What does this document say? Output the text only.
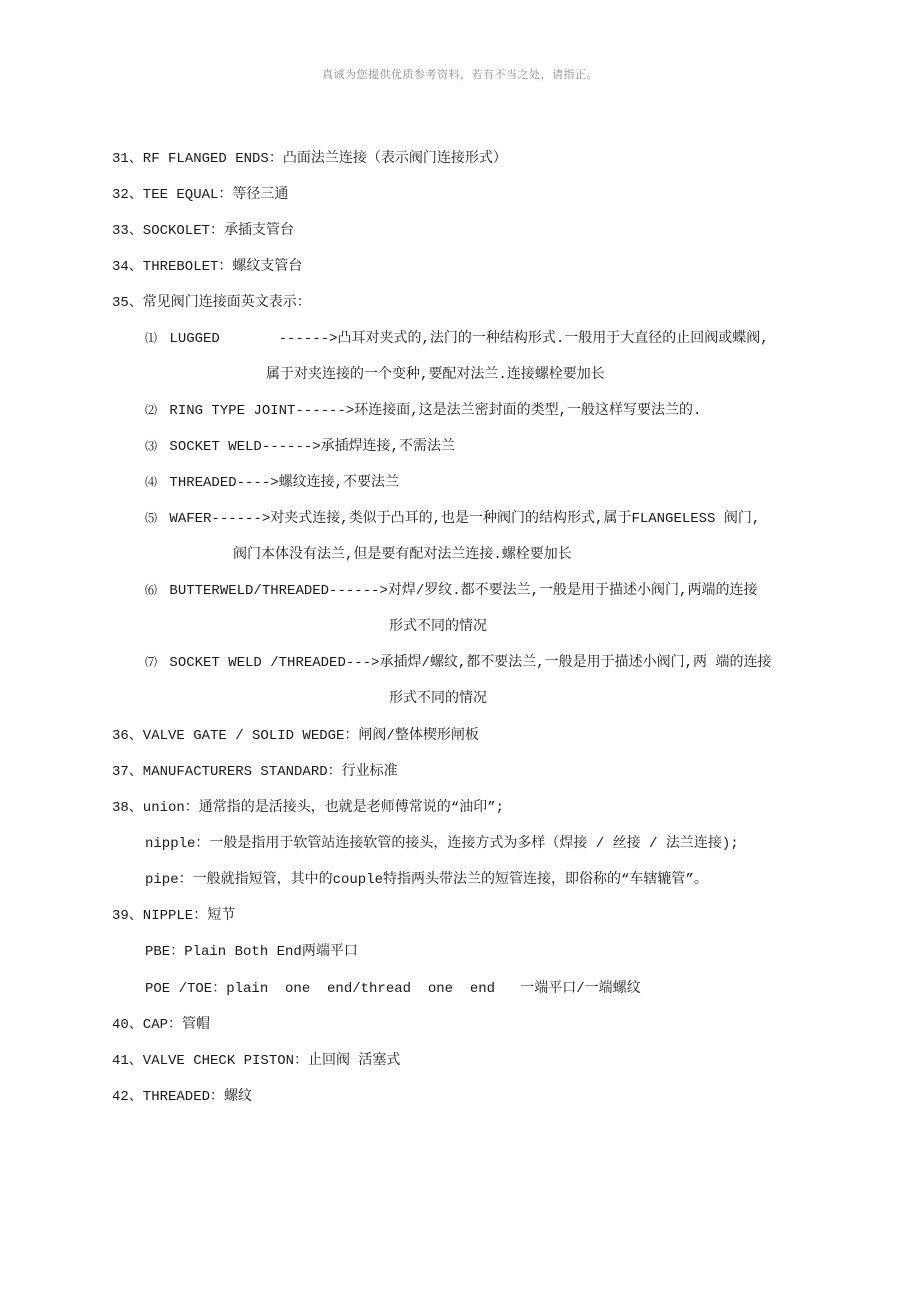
真诚为您提供优质参考资料，若有不当之处，请指正。
31、RF FLANGED ENDS：凸面法兰连接（表示阀门连接形式）
32、TEE EQUAL：等径三通
33、SOCKOLET：承插支管台
34、THREBOLET：螺纹支管台
35、常见阀门连接面英文表示：
⑴ LUGGED	------>凸耳对夹式的,法门的一种结构形式.一般用于大直径的止回阀或蝶阀,
属于对夹连接的一个变种,要配对法兰.连接螺栓要加长
⑵ RING TYPE JOINT------>环连接面,这是法兰密封面的类型,一般这样写要法兰的.
⑶ SOCKET WELD------>承插焊连接,不需法兰
⑷ THREADED---->螺纹连接,不要法兰
⑸ WAFER------>对夹式连接,类似于凸耳的,也是一种阀门的结构形式,属于FLANGELESS 阀门,
阀门本体没有法兰,但是要有配对法兰连接.螺栓要加长
⑹ BUTTERWELD/THREADED------>对焊/罗纹.都不要法兰,一般是用于描述小阀门,两端的连接
形式不同的情况
⑺ SOCKET WELD /THREADED--->承插焊/螺纹,都不要法兰,一般是用于描述小阀门,两 端的连接
形式不同的情况
36、VALVE GATE / SOLID WEDGE：闸阀/整体楔形闸板
37、MANUFACTURERS STANDARD：行业标准
38、union：通常指的是活接头，也就是老师傅常说的“油印”;
nipple：一般是指用于软管站连接软管的接头，连接方式为多样（焊接 / 丝接 / 法兰连接);
pipe：一般就指短管，其中的couple特指两头带法兰的短管连接，即俗称的“车辖辘管”。
39、NIPPLE：短节
PBE：Plain Both End两端平口
POE /TOE：plain  one  end/thread  one  end   一端平口/一端螺纹
40、CAP：管帽
41、VALVE CHECK PISTON：止回阀 活塞式
42、THREADED：螺纹
